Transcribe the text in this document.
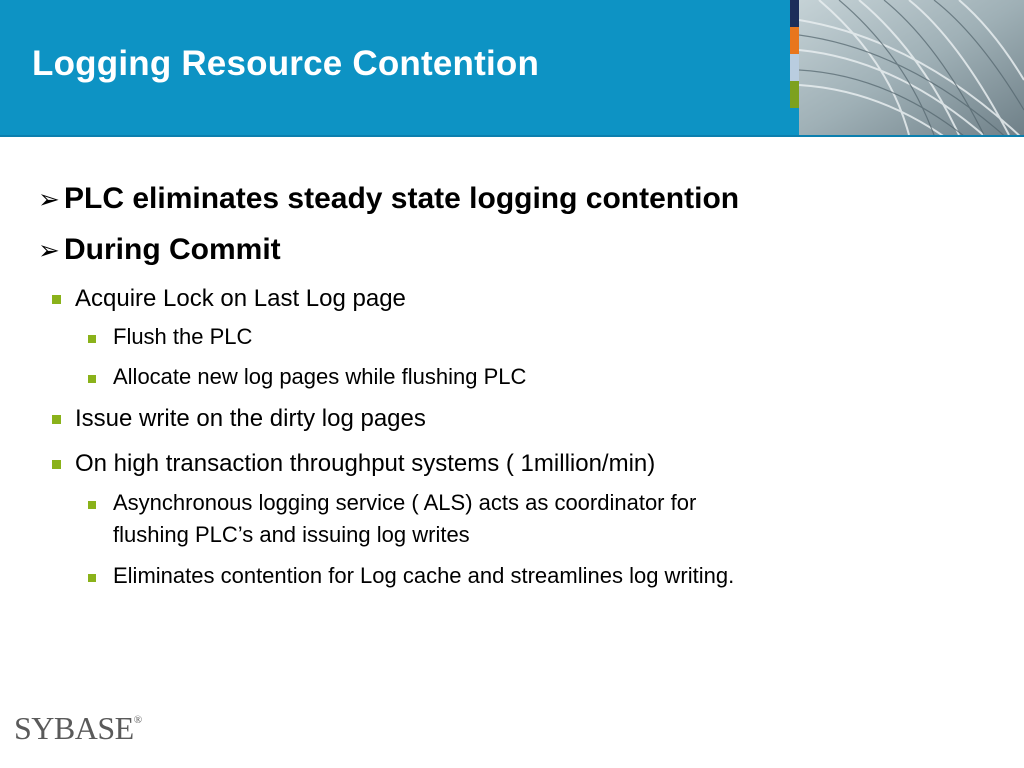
Logging Resource Contention
➢ PLC eliminates steady state logging contention
➢ During Commit
Acquire Lock on Last Log page
Flush the PLC
Allocate new log pages while flushing PLC
Issue write on the dirty log pages
On high transaction throughput systems ( 1million/min)
Asynchronous logging service ( ALS) acts as coordinator for
flushing PLC’s and issuing log writes
Eliminates contention for Log cache and streamlines log writing.
SYBASE®
